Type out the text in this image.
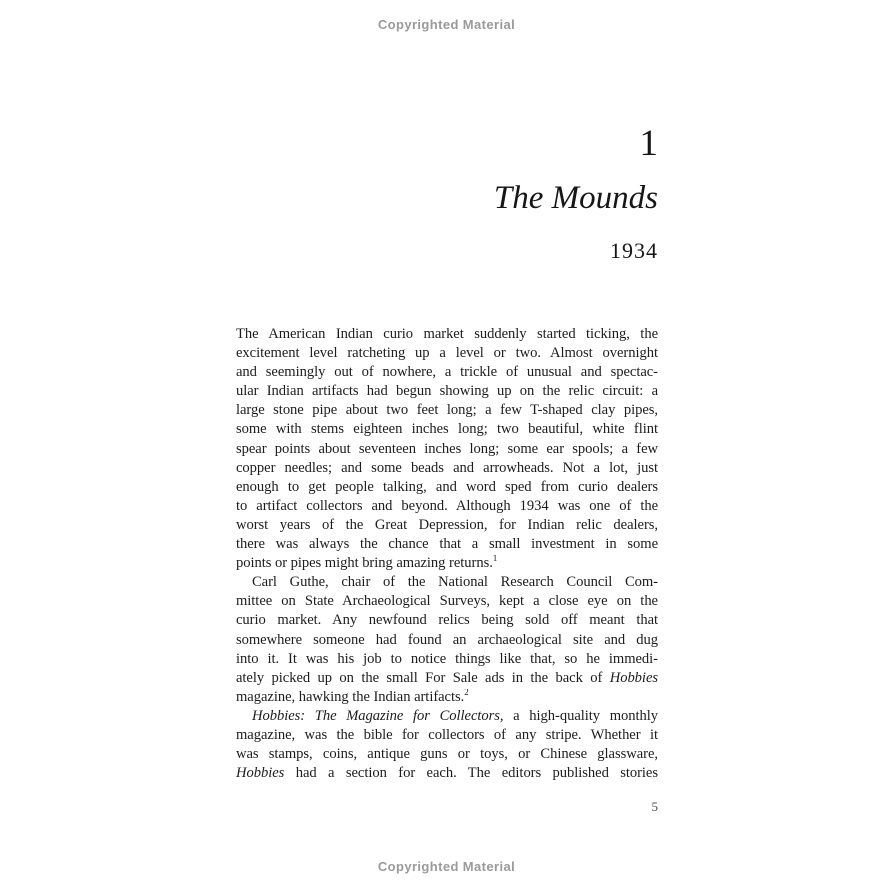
Copyrighted Material
1
The Mounds
1934
The American Indian curio market suddenly started ticking, the
excitement level ratcheting up a level or two. Almost overnight
and seemingly out of nowhere, a trickle of unusual and spectac-
ular Indian artifacts had begun showing up on the relic circuit: a
large stone pipe about two feet long; a few T-shaped clay pipes,
some with stems eighteen inches long; two beautiful, white flint
spear points about seventeen inches long; some ear spools; a few
copper needles; and some beads and arrowheads. Not a lot, just
enough to get people talking, and word sped from curio dealers
to artifact collectors and beyond. Although 1934 was one of the
worst years of the Great Depression, for Indian relic dealers,
there was always the chance that a small investment in some
points or pipes might bring amazing returns.$^1$
Carl Guthe, chair of the National Research Council Com-
mittee on State Archaeological Surveys, kept a close eye on the
curio market. Any newfound relics being sold off meant that
somewhere someone had found an archaeological site and dug
into it. It was his job to notice things like that, so he immedi-
ately picked up on the small For Sale ads in the back of Hobbies
magazine, hawking the Indian artifacts.$^2$
Hobbies: The Magazine for Collectors, a high-quality monthly
magazine, was the bible for collectors of any stripe. Whether it
was stamps, coins, antique guns or toys, or Chinese glassware,
Hobbies had a section for each. The editors published stories
5
Copyrighted Material
